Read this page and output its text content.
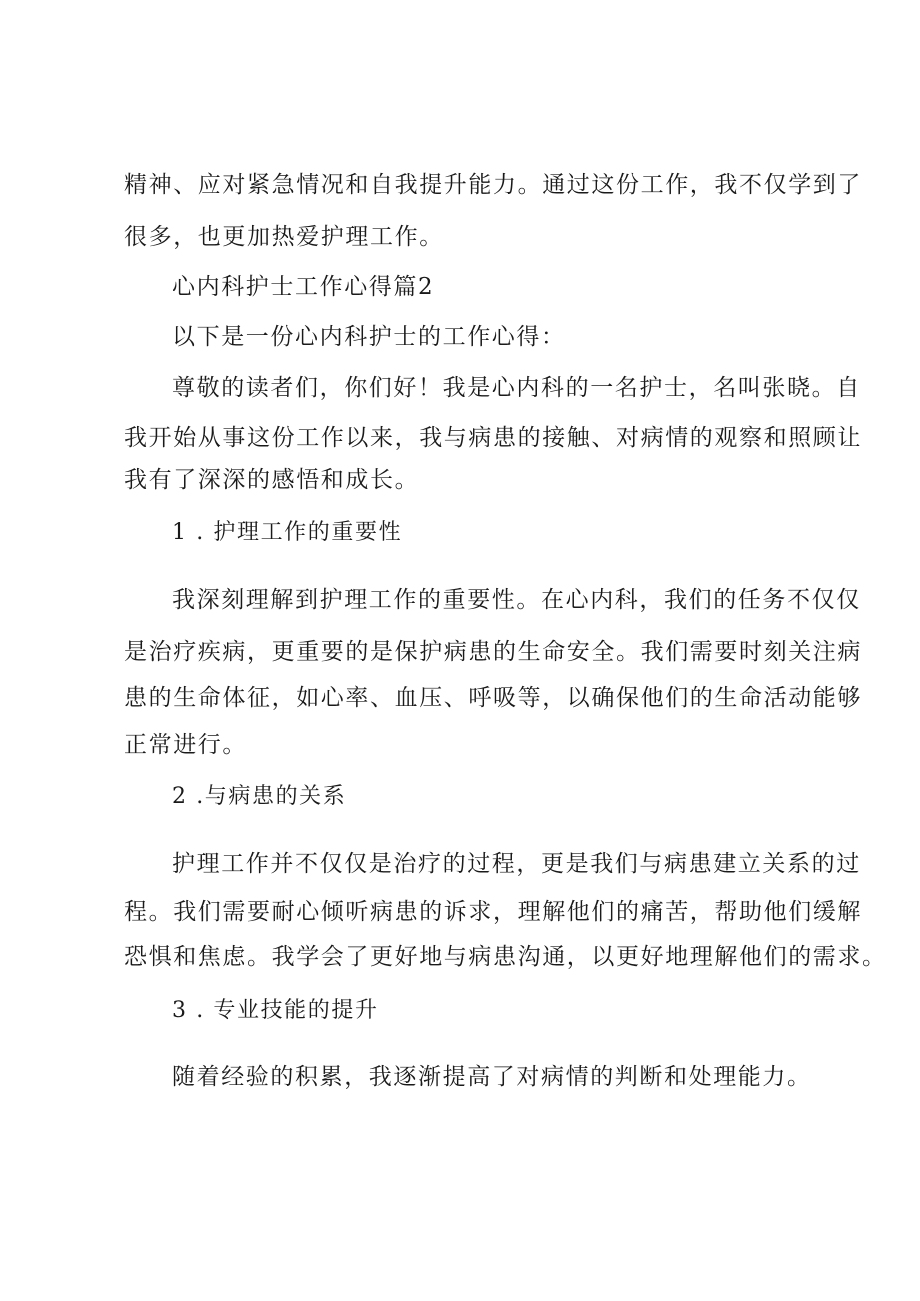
精神、应对紧急情况和自我提升能力。通过这份工作，我不仅学到了
很多，也更加热爱护理工作。
心内科护士工作心得篇2
以下是一份心内科护士的工作心得：
尊敬的读者们，你们好！我是心内科的一名护士，名叫张晓。自
我开始从事这份工作以来，我与病患的接触、对病情的观察和照顾让
我有了深深的感悟和成长。
1 . 护理工作的重要性
我深刻理解到护理工作的重要性。在心内科，我们的任务不仅仅
是治疗疾病，更重要的是保护病患的生命安全。我们需要时刻关注病
患的生命体征，如心率、血压、呼吸等，以确保他们的生命活动能够
正常进行。
2 .与病患的关系
护理工作并不仅仅是治疗的过程，更是我们与病患建立关系的过
程。我们需要耐心倾听病患的诉求，理解他们的痛苦，帮助他们缓解
恐惧和焦虑。我学会了更好地与病患沟通，以更好地理解他们的需求。
3 . 专业技能的提升
随着经验的积累，我逐渐提高了对病情的判断和处理能力。
